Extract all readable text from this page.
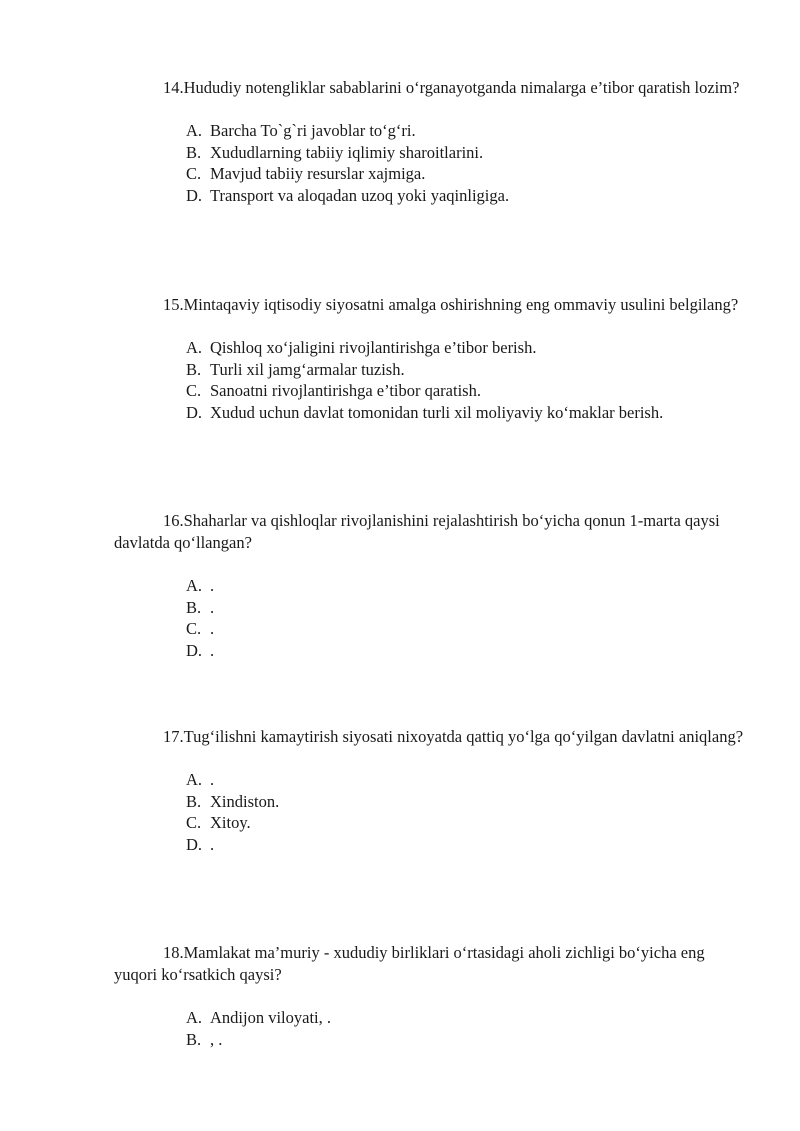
14.Hududiy notengliklar sabablarini o‘rganayotganda nimalarga e’tibor qaratish lozim?

A. Barcha To`g`ri javoblar to‘g‘ri.
B. Xududlarning tabiiy iqlimiy sharoitlarini.
C. Mavjud tabiiy resurslar xajmiga.
D. Transport va aloqadan uzoq yoki yaqinligiga.

15.Mintaqaviy iqtisodiy siyosatni amalga oshirishning eng ommaviy usulini belgilang?

A. Qishloq xo‘jaligini rivojlantirishga e’tibor berish.
B. Turli xil jamg‘armalar tuzish.
C. Sanoatni rivojlantirishga e’tibor qaratish.
D. Xudud uchun davlat tomonidan turli xil moliyaviy ko‘maklar berish.

16.Shaharlar va qishloqlar rivojlanishini rejalashtirish bo‘yicha qonun 1-marta qaysi davlatda qo‘llangan?

A. .
B. .
C. .
D. .

17.Tug‘ilishni kamaytirish siyosati nixoyatda qattiq yo‘lga qo‘yilgan davlatni aniqlang?

A. .
B. Xindiston.
C. Xitoy.
D. .

18.Mamlakat ma’muriy - xududiy birliklari o‘rtasidagi aholi zichligi bo‘yicha eng yuqori ko‘rsatkich qaysi?

A. Andijon viloyati, .
B. , .
